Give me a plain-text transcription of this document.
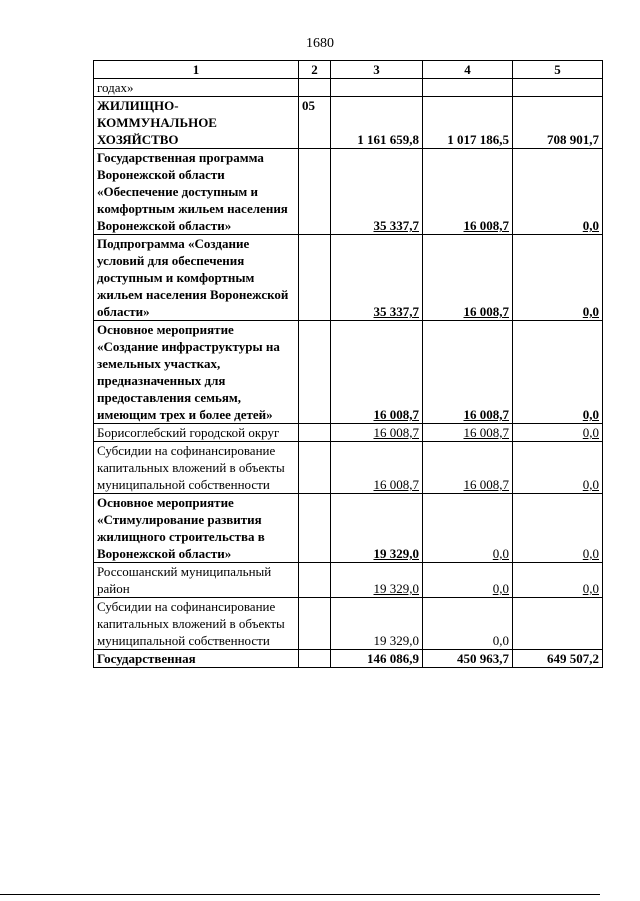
1680
1	2	3	4	5
годах»				
ЖИЛИЩНО-КОММУНАЛЬНОЕ ХОЗЯЙСТВО	05	1 161 659,8	1 017 186,5	708 901,7
Государственная программа Воронежской области «Обеспечение доступным и комфортным жильем населения Воронежской области»		35 337,7	16 008,7	0,0
Подпрограмма «Создание условий для обеспечения доступным и комфортным жильем населения Воронежской области»		35 337,7	16 008,7	0,0
Основное мероприятие «Создание инфраструктуры на земельных участках, предназначенных для предоставления семьям, имеющим трех и более детей»		16 008,7	16 008,7	0,0
Борисоглебский городской округ		16 008,7	16 008,7	0,0
Субсидии на софинансирование капитальных вложений в объекты муниципальной собственности		16 008,7	16 008,7	0,0
Основное мероприятие «Стимулирование развития жилищного строительства в Воронежской области»		19 329,0	0,0	0,0
Россошанский муниципальный район		19 329,0	0,0	0,0
Субсидии на софинансирование капитальных вложений в объекты муниципальной собственности		19 329,0	0,0	
Государственная		146 086,9	450 963,7	649 507,2
